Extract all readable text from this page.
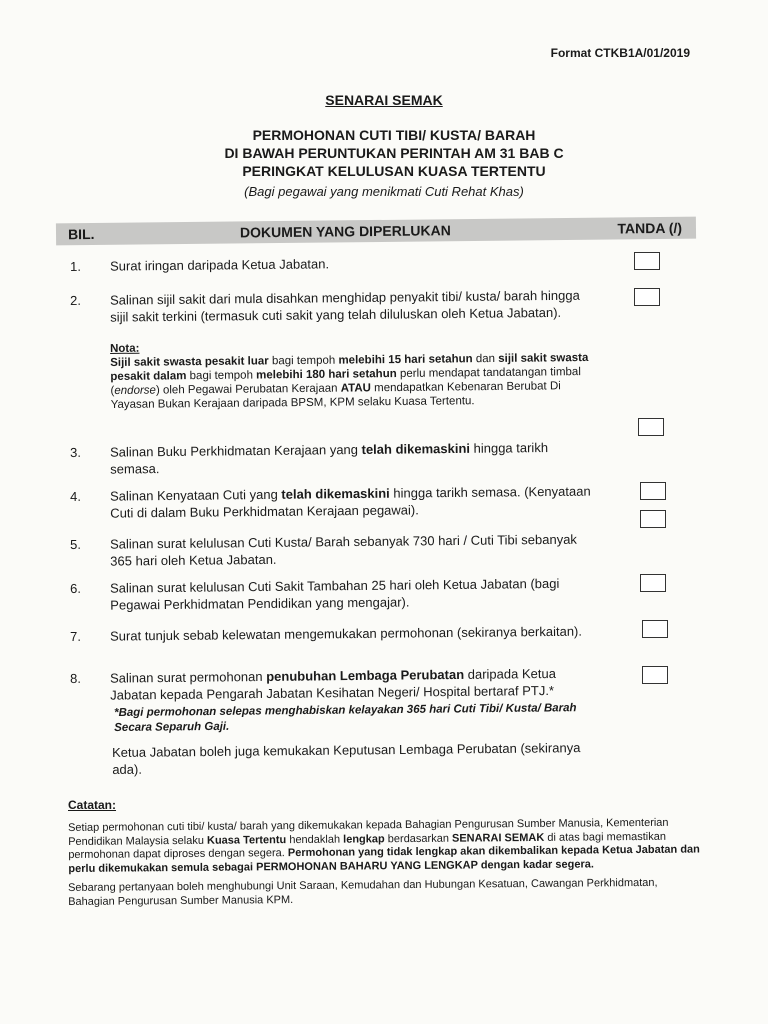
Format CTKB1A/01/2019
SENARAI SEMAK
PERMOHONAN CUTI TIBI/ KUSTA/ BARAH
DI BAWAH PERUNTUKAN PERINTAH AM 31 BAB C
PERINGKAT KELULUSAN KUASA TERTENTU
(Bagi pegawai yang menikmati Cuti Rehat Khas)
BIL.	DOKUMEN YANG DIPERLUKAN	TANDA (/)
1.	Surat iringan daripada Ketua Jabatan.
2.	Salinan sijil sakit dari mula disahkan menghidap penyakit tibi/ kusta/ barah hingga sijil sakit terkini (termasuk cuti sakit yang telah diluluskan oleh Ketua Jabatan).
Nota:
Sijil sakit swasta pesakit luar bagi tempoh melebihi 15 hari setahun dan sijil sakit swasta pesakit dalam bagi tempoh melebihi 180 hari setahun perlu mendapat tandatangan timbal (endorse) oleh Pegawai Perubatan Kerajaan ATAU mendapatkan Kebenaran Berubat Di Yayasan Bukan Kerajaan daripada BPSM, KPM selaku Kuasa Tertentu.
3.	Salinan Buku Perkhidmatan Kerajaan yang telah dikemaskini hingga tarikh semasa.
4.	Salinan Kenyataan Cuti yang telah dikemaskini hingga tarikh semasa. (Kenyataan Cuti di dalam Buku Perkhidmatan Kerajaan pegawai).
5.	Salinan surat kelulusan Cuti Kusta/ Barah sebanyak 730 hari / Cuti Tibi sebanyak 365 hari oleh Ketua Jabatan.
6.	Salinan surat kelulusan Cuti Sakit Tambahan 25 hari oleh Ketua Jabatan (bagi Pegawai Perkhidmatan Pendidikan yang mengajar).
7.	Surat tunjuk sebab kelewatan mengemukakan permohonan (sekiranya berkaitan).
8.	Salinan surat permohonan penubuhan Lembaga Perubatan daripada Ketua Jabatan kepada Pengarah Jabatan Kesihatan Negeri/ Hospital bertaraf PTJ.*
*Bagi permohonan selepas menghabiskan kelayakan 365 hari Cuti Tibi/ Kusta/ Barah Secara Separuh Gaji.
Ketua Jabatan boleh juga kemukakan Keputusan Lembaga Perubatan (sekiranya ada).
Catatan:
Setiap permohonan cuti tibi/ kusta/ barah yang dikemukakan kepada Bahagian Pengurusan Sumber Manusia, Kementerian Pendidikan Malaysia selaku Kuasa Tertentu hendaklah lengkap berdasarkan SENARAI SEMAK di atas bagi memastikan permohonan dapat diproses dengan segera. Permohonan yang tidak lengkap akan dikembalikan kepada Ketua Jabatan dan perlu dikemukakan semula sebagai PERMOHONAN BAHARU YANG LENGKAP dengan kadar segera.
Sebarang pertanyaan boleh menghubungi Unit Saraan, Kemudahan dan Hubungan Kesatuan, Cawangan Perkhidmatan, Bahagian Pengurusan Sumber Manusia KPM.
